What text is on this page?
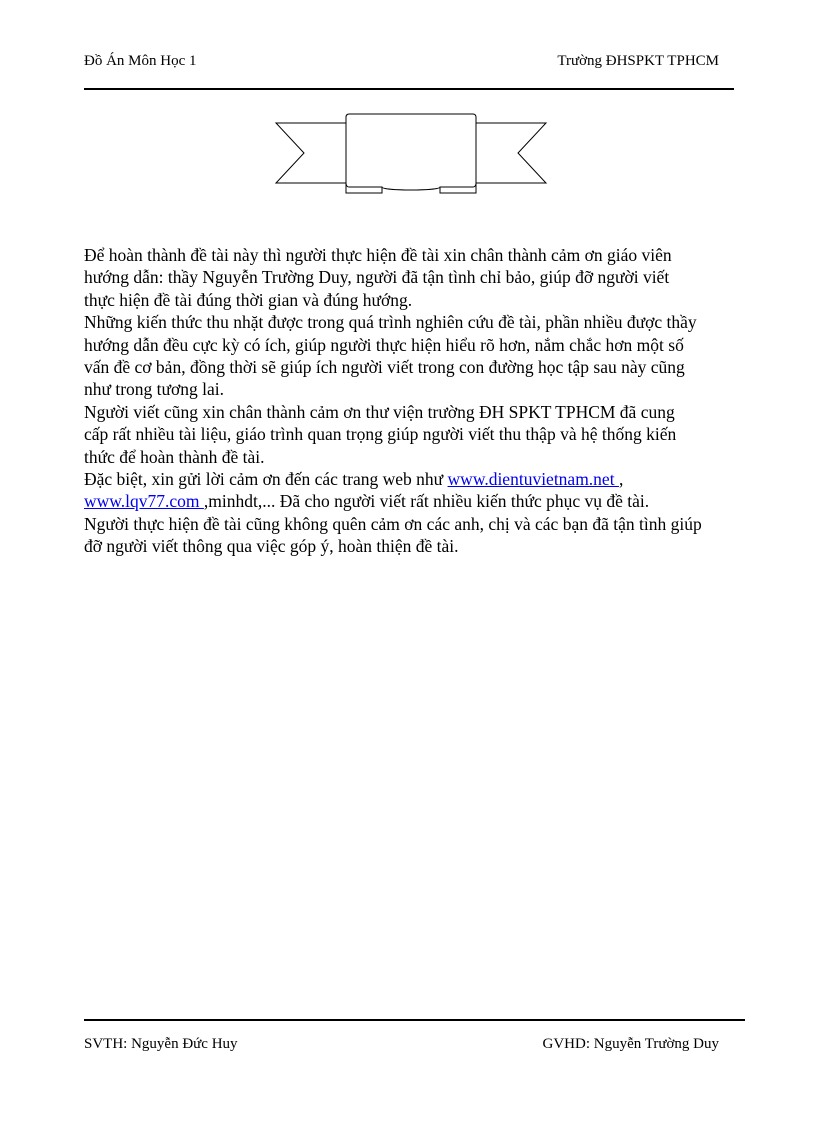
Đồ Án Môn Học 1	Trường ĐHSPKT TPHCM
Để hoàn thành đề tài này thì người thực hiện đề tài xin chân thành cảm ơn giáo viên
hướng dẫn: thầy Nguyễn Trường Duy, người đã tận tình chỉ bảo, giúp đỡ người viết
thực hiện đề tài đúng thời gian và đúng hướng.
Những kiến thức thu nhặt được trong quá trình nghiên cứu đề tài, phần nhiều được thầy
hướng dẫn đều cực kỳ có ích, giúp người thực hiện hiểu rõ hơn, nắm chắc hơn một số
vấn đề cơ bản, đồng thời sẽ giúp ích người viết trong con đường học tập sau này cũng
như trong tương lai.
Người viết cũng xin chân thành cảm ơn thư viện trường ĐH SPKT TPHCM đã cung
cấp rất nhiều tài liệu, giáo trình quan trọng giúp người viết thu thập và hệ thống kiến
thức để hoàn thành đề tài.
Đặc biệt, xin gửi lời cảm ơn đến các trang web như www.dientuvietnam.net ,
www.lqv77.com ,minhdt,... Đã cho người viết rất nhiều kiến thức phục vụ đề tài.
Người thực hiện đề tài cũng không quên cảm ơn các anh, chị và các bạn đã tận tình giúp
đỡ người viết thông qua việc góp ý, hoàn thiện đề tài.
SVTH: Nguyễn Đức Huy	GVHD: Nguyễn Trường Duy
